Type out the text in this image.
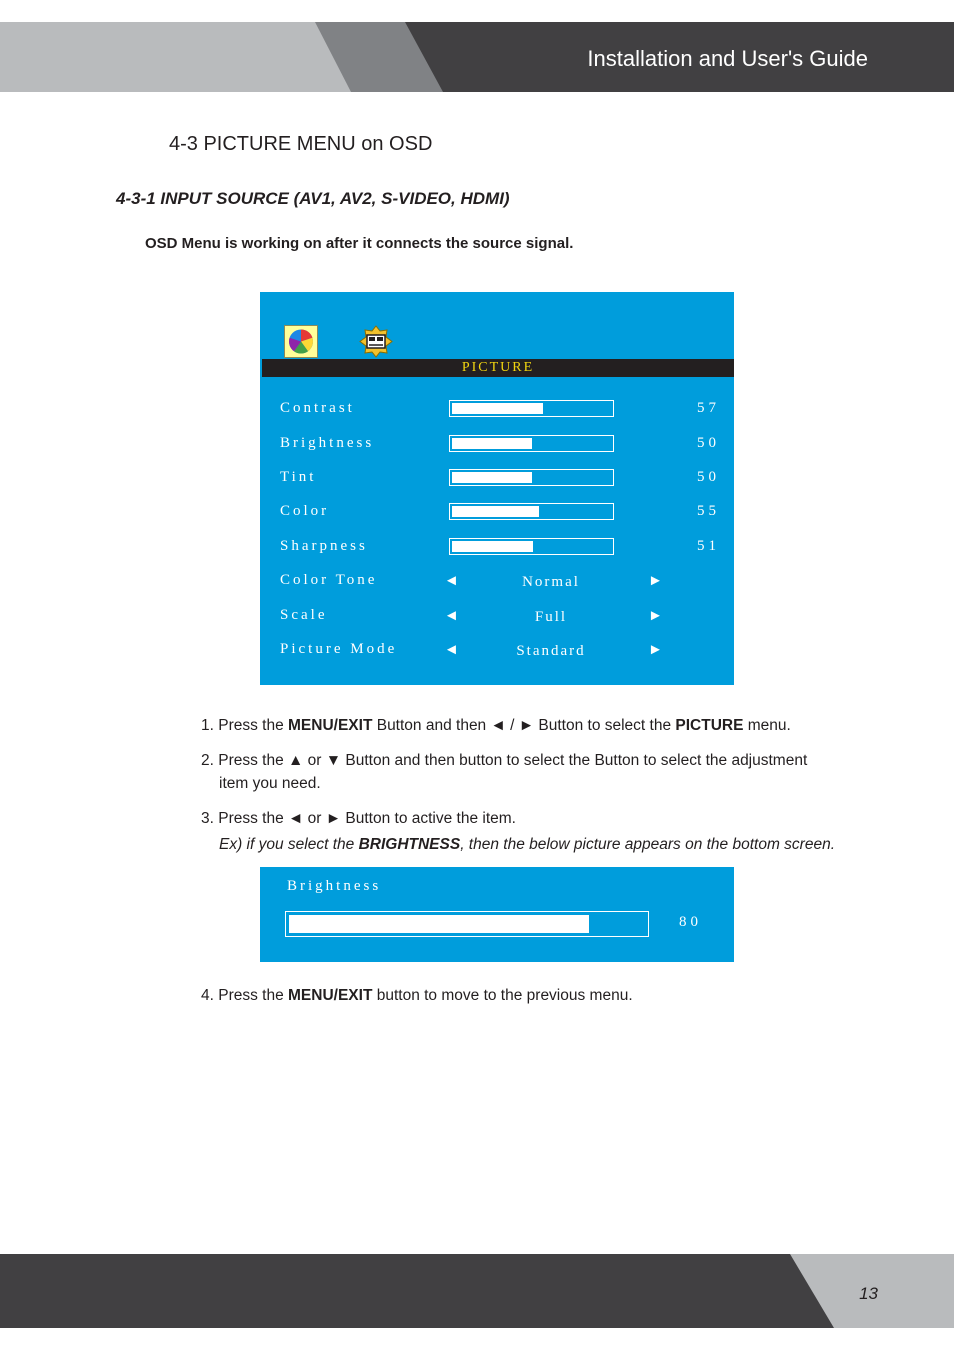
Installation and User's Guide
4-3 PICTURE MENU on OSD
4-3-1 INPUT SOURCE (AV1, AV2, S-VIDEO, HDMI)
OSD Menu is working on after it connects the source signal.
PICTURE
Contrast	57
Brightness	50
Tint	50
Color	55
Sharpness	51
Color Tone	◄	Normal	►
Scale	◄	Full	►
Picture Mode	◄	Standard	►
1. Press the MENU/EXIT Button and then ◄ / ► Button to select the PICTURE menu.
2. Press the ▲ or ▼ Button and then button to select the Button to select the adjustment
item you need.
3. Press the ◄ or ► Button to active the item.
Ex) if you select the BRIGHTNESS, then the below picture appears on the bottom screen.
Brightness
80
4. Press the MENU/EXIT button to move to the previous menu.
13
